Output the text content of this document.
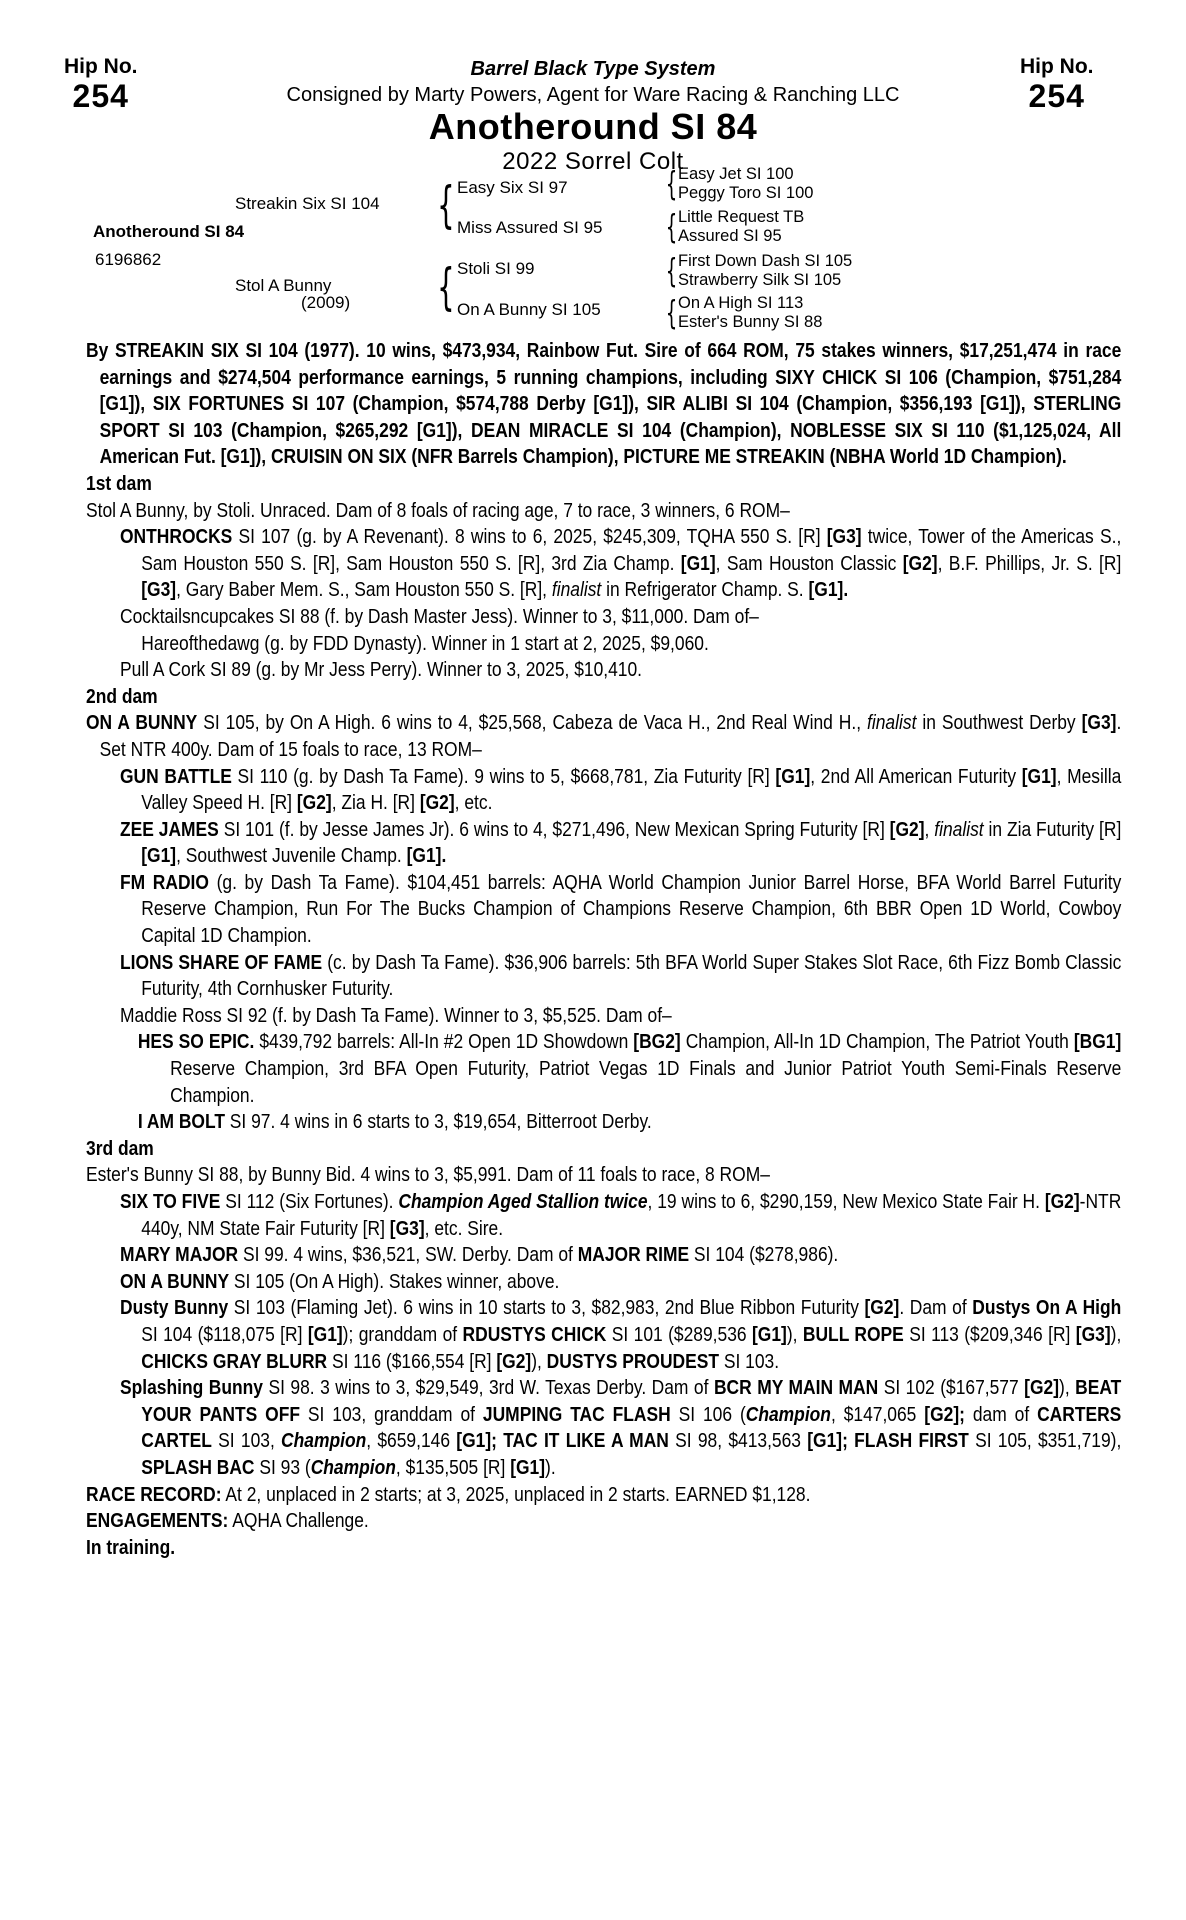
Hip No.
254
Hip No.
254
Barrel Black Type System
Consigned by Marty Powers, Agent for Ware Racing & Ranching LLC
Anotheround SI 84
2022 Sorrel Colt
Anotheround SI 84
6196862
Streakin Six SI 104
Stol A Bunny
(2009)
{
{
Easy Six SI 97
Miss Assured SI 95
Stoli SI 99
On A Bunny SI 105
{
{
{
{
Easy Jet SI 100
Peggy Toro SI 100
Little Request TB
Assured SI 95
First Down Dash SI 105
Strawberry Silk SI 105
On A High SI 113
Ester's Bunny SI 88

By STREAKIN SIX SI 104 (1977). 10 wins, $473,934, Rainbow Fut. Sire of 664 ROM, 75 stakes winners, $17,251,474 in race earnings and $274,504 performance earnings, 5 running champions, including SIXY CHICK SI 106 (Champion, $751,284 [G1]), SIX FORTUNES SI 107 (Champion, $574,788 Derby [G1]), SIR ALIBI SI 104 (Champion, $356,193 [G1]), STERLING SPORT SI 103 (Champion, $265,292 [G1]), DEAN MIRACLE SI 104 (Champion), NOBLESSE SIX SI 110 ($1,125,024, All American Fut. [G1]), CRUISIN ON SIX (NFR Barrels Champion), PICTURE ME STREAKIN (NBHA World 1D Champion).

1st dam

Stol A Bunny, by Stoli. Unraced. Dam of 8 foals of racing age, 7 to race, 3 winners, 6 ROM–

ONTHROCKS SI 107 (g. by A Revenant). 8 wins to 6, 2025, $245,309, TQHA 550 S. [R] [G3] twice, Tower of the Americas S., Sam Houston 550 S. [R], Sam Houston 550 S. [R], 3rd Zia Champ. [G1], Sam Houston Classic [G2], B.F. Phillips, Jr. S. [R] [G3], Gary Baber Mem. S., Sam Houston 550 S. [R], finalist in Refrigerator Champ. S. [G1].

Cocktailsncupcakes SI 88 (f. by Dash Master Jess). Winner to 3, $11,000. Dam of–

Hareofthedawg (g. by FDD Dynasty). Winner in 1 start at 2, 2025, $9,060.

Pull A Cork SI 89 (g. by Mr Jess Perry). Winner to 3, 2025, $10,410.

2nd dam

ON A BUNNY SI 105, by On A High. 6 wins to 4, $25,568, Cabeza de Vaca H., 2nd Real Wind H., finalist in Southwest Derby [G3]. Set NTR 400y. Dam of 15 foals to race, 13 ROM–

GUN BATTLE SI 110 (g. by Dash Ta Fame). 9 wins to 5, $668,781, Zia Futurity [R] [G1], 2nd All American Futurity [G1], Mesilla Valley Speed H. [R] [G2], Zia H. [R] [G2], etc.

ZEE JAMES SI 101 (f. by Jesse James Jr). 6 wins to 4, $271,496, New Mexican Spring Futurity [R] [G2], finalist in Zia Futurity [R] [G1], Southwest Juvenile Champ. [G1].

FM RADIO (g. by Dash Ta Fame). $104,451 barrels: AQHA World Champion Junior Barrel Horse, BFA World Barrel Futurity Reserve Champion, Run For The Bucks Champion of Champions Reserve Champion, 6th BBR Open 1D World, Cowboy Capital 1D Champion.

LIONS SHARE OF FAME (c. by Dash Ta Fame). $36,906 barrels: 5th BFA World Super Stakes Slot Race, 6th Fizz Bomb Classic Futurity, 4th Cornhusker Futurity.

Maddie Ross SI 92 (f. by Dash Ta Fame). Winner to 3, $5,525. Dam of–

HES SO EPIC. $439,792 barrels: All-In #2 Open 1D Showdown [BG2] Champion, All-In 1D Champion, The Patriot Youth [BG1] Reserve Champion, 3rd BFA Open Futurity, Patriot Vegas 1D Finals and Junior Patriot Youth Semi-Finals Reserve Champion.

I AM BOLT SI 97. 4 wins in 6 starts to 3, $19,654, Bitterroot Derby.

3rd dam

Ester's Bunny SI 88, by Bunny Bid. 4 wins to 3, $5,991. Dam of 11 foals to race, 8 ROM–

SIX TO FIVE SI 112 (Six Fortunes). Champion Aged Stallion twice, 19 wins to 6, $290,159, New Mexico State Fair H. [G2]-NTR 440y, NM State Fair Futurity [R] [G3], etc. Sire.

MARY MAJOR SI 99. 4 wins, $36,521, SW. Derby. Dam of MAJOR RIME SI 104 ($278,986).

ON A BUNNY SI 105 (On A High). Stakes winner, above.

Dusty Bunny SI 103 (Flaming Jet). 6 wins in 10 starts to 3, $82,983, 2nd Blue Ribbon Futurity [G2]. Dam of Dustys On A High SI 104 ($118,075 [R] [G1]); granddam of RDUSTYS CHICK SI 101 ($289,536 [G1]), BULL ROPE SI 113 ($209,346 [R] [G3]), CHICKS GRAY BLURR SI 116 ($166,554 [R] [G2]), DUSTYS PROUDEST SI 103.

Splashing Bunny SI 98. 3 wins to 3, $29,549, 3rd W. Texas Derby. Dam of BCR MY MAIN MAN SI 102 ($167,577 [G2]), BEAT YOUR PANTS OFF SI 103, granddam of JUMPING TAC FLASH SI 106 (Champion, $147,065 [G2]; dam of CARTERS CARTEL SI 103, Champion, $659,146 [G1]; TAC IT LIKE A MAN SI 98, $413,563 [G1]; FLASH FIRST SI 105, $351,719), SPLASH BAC SI 93 (Champion, $135,505 [R] [G1]).

RACE RECORD: At 2, unplaced in 2 starts; at 3, 2025, unplaced in 2 starts. EARNED $1,128.

ENGAGEMENTS: AQHA Challenge.

In training.
